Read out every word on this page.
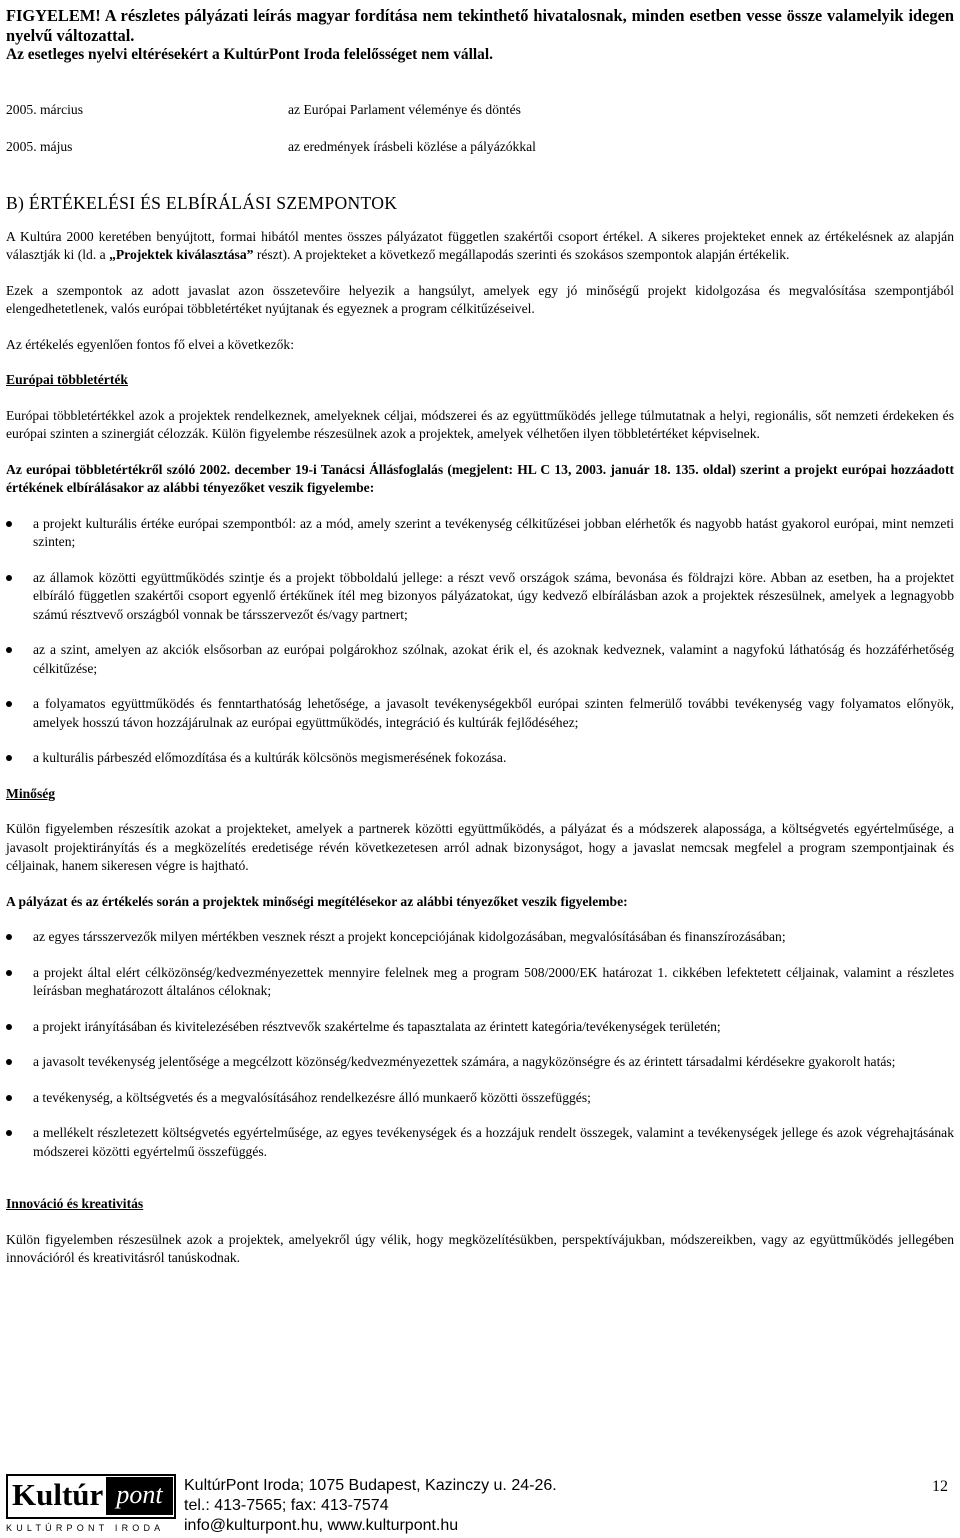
FIGYELEM! A részletes pályázati leírás magyar fordítása nem tekinthető hivatalosnak, minden esetben vesse össze valamelyik idegen nyelvű változattal.
Az esetleges nyelvi eltérésekért a KultúrPont Iroda felelősséget nem vállal.
2005. március	az Európai Parlament véleménye és döntés
2005. május	az eredmények írásbeli közlése a pályázókkal
B) ÉRTÉKELÉSI ÉS ELBÍRÁLÁSI SZEMPONTOK

A Kultúra 2000 keretében benyújtott, formai hibától mentes összes pályázatot független szakértői csoport értékel. A sikeres projekteket ennek az értékelésnek az alapján választják ki (ld. a „Projektek kiválasztása” részt). A projekteket a következő megállapodás szerinti és szokásos szempontok alapján értékelik.

Ezek a szempontok az adott javaslat azon összetevőire helyezik a hangsúlyt, amelyek egy jó minőségű projekt kidolgozása és megvalósítása szempontjából elengedhetetlenek, valós európai többletértéket nyújtanak és egyeznek a program célkitűzéseivel.

Az értékelés egyenlően fontos fő elvei a következők:

Európai többletérték

Európai többletértékkel azok a projektek rendelkeznek, amelyeknek céljai, módszerei és az együttműködés jellege túlmutatnak a helyi, regionális, sőt nemzeti érdekeken és európai szinten a szinergiát célozzák. Külön figyelembe részesülnek azok a projektek, amelyek vélhetően ilyen többletértéket képviselnek.

Az európai többletértékről szóló 2002. december 19-i Tanácsi Állásfoglalás (megjelent: HL C 13, 2003. január 18. 135. oldal) szerint a projekt európai hozzáadott értékének elbírálásakor az alábbi tényezőket veszik figyelembe:

a projekt kulturális értéke európai szempontból: az a mód, amely szerint a tevékenység célkitűzései jobban elérhetők és nagyobb hatást gyakorol európai, mint nemzeti szinten;
az államok közötti együttműködés szintje és a projekt többoldalú jellege: a részt vevő országok száma, bevonása és földrajzi köre. Abban az esetben, ha a projektet elbíráló független szakértői csoport egyenlő értékűnek ítél meg bizonyos pályázatokat, úgy kedvező elbírálásban azok a projektek részesülnek, amelyek a legnagyobb számú résztvevő országból vonnak be társszervezőt és/vagy partnert;
az a szint, amelyen az akciók elsősorban az európai polgárokhoz szólnak, azokat érik el, és azoknak kedveznek, valamint a nagyfokú láthatóság és hozzáférhetőség célkitűzése;
a folyamatos együttműködés és fenntarthatóság lehetősége, a javasolt tevékenységekből európai szinten felmerülő további tevékenység vagy folyamatos előnyök, amelyek hosszú távon hozzájárulnak az európai együttműködés, integráció és kultúrák fejlődéséhez;
a kulturális párbeszéd előmozdítása és a kultúrák kölcsönös megismerésének fokozása.
Minőség

Külön figyelemben részesítik azokat a projekteket, amelyek a partnerek közötti együttműködés, a pályázat és a módszerek alapossága, a költségvetés egyértelműsége, a javasolt projektirányítás és a megközelítés eredetisége révén következetesen arról adnak bizonyságot, hogy a javaslat nemcsak megfelel a program szempontjainak és céljainak, hanem sikeresen végre is hajtható.

A pályázat és az értékelés során a projektek minőségi megítélésekor az alábbi tényezőket veszik figyelembe:

az egyes társszervezők milyen mértékben vesznek részt a projekt koncepciójának kidolgozásában, megvalósításában és finanszírozásában;
a projekt által elért célközönség/kedvezményezettek mennyire felelnek meg a program 508/2000/EK határozat 1. cikkében lefektetett céljainak, valamint a részletes leírásban meghatározott általános céloknak;
a projekt irányításában és kivitelezésében résztvevők szakértelme és tapasztalata az érintett kategória/tevékenységek területén;
a javasolt tevékenység jelentősége a megcélzott közönség/kedvezményezettek számára, a nagyközönségre és az érintett társadalmi kérdésekre gyakorolt hatás;
a tevékenység, a költségvetés és a megvalósításához rendelkezésre álló munkaerő közötti összefüggés;
a mellékelt részletezett költségvetés egyértelműsége, az egyes tevékenységek és a hozzájuk rendelt összegek, valamint a tevékenységek jellege és azok végrehajtásának módszerei közötti egyértelmű összefüggés.
Innováció és kreativitás

Külön figyelemben részesülnek azok a projektek, amelyekről úgy vélik, hogy megközelítésükben, perspektívájukban, módszereikben, vagy az együttműködés jellegében innovációról és kreativitásról tanúskodnak.

Kultúr pont
KULTÚRPONT IRODA
KultúrPont Iroda; 1075 Budapest, Kazinczy u. 24-26.
tel.: 413-7565; fax: 413-7574
info@kulturpont.hu, www.kulturpont.hu
12
